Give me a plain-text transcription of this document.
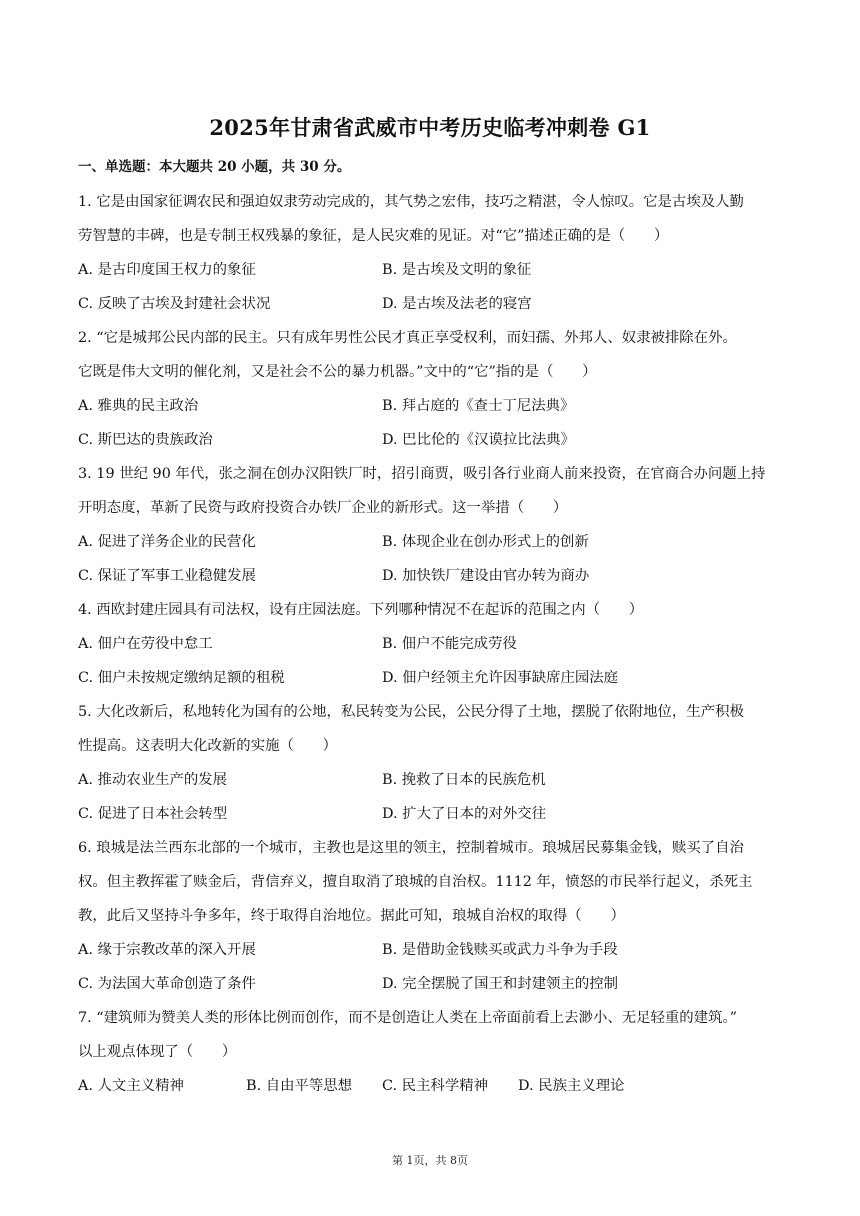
2025年甘肃省武威市中考历史临考冲刺卷 G1
一、单选题：本大题共 20 小题，共 30 分。
1. 它是由国家征调农民和强迫奴隶劳动完成的，其气势之宏伟，技巧之精湛，令人惊叹。它是古埃及人勤
劳智慧的丰碑，也是专制王权残暴的象征，是人民灾难的见证。对“它”描述正确的是（　　）
A. 是古印度国王权力的象征	B. 是古埃及文明的象征
C. 反映了古埃及封建社会状况	D. 是古埃及法老的寝宫
2. “它是城邦公民内部的民主。只有成年男性公民才真正享受权利，而妇孺、外邦人、奴隶被排除在外。
它既是伟大文明的催化剂，又是社会不公的暴力机器。”文中的“它”指的是（　　）
A. 雅典的民主政治	B. 拜占庭的《查士丁尼法典》
C. 斯巴达的贵族政治	D. 巴比伦的《汉谟拉比法典》
3. 19 世纪 90 年代，张之洞在创办汉阳铁厂时，招引商贾，吸引各行业商人前来投资，在官商合办问题上持
开明态度，革新了民资与政府投资合办铁厂企业的新形式。这一举措（　　）
A. 促进了洋务企业的民营化	B. 体现企业在创办形式上的创新
C. 保证了军事工业稳健发展	D. 加快铁厂建设由官办转为商办
4. 西欧封建庄园具有司法权，设有庄园法庭。下列哪种情况不在起诉的范围之内（　　）
A. 佃户在劳役中怠工	B. 佃户不能完成劳役
C. 佃户未按规定缴纳足额的租税	D. 佃户经领主允许因事缺席庄园法庭
5. 大化改新后，私地转化为国有的公地，私民转变为公民，公民分得了土地，摆脱了依附地位，生产积极
性提高。这表明大化改新的实施（　　）
A. 推动农业生产的发展	B. 挽救了日本的民族危机
C. 促进了日本社会转型	D. 扩大了日本的对外交往
6. 琅城是法兰西东北部的一个城市，主教也是这里的领主，控制着城市。琅城居民募集金钱，赎买了自治
权。但主教挥霍了赎金后，背信弃义，擅自取消了琅城的自治权。1112 年，愤怒的市民举行起义，杀死主
教，此后又坚持斗争多年，终于取得自治地位。据此可知，琅城自治权的取得（　　）
A. 缘于宗教改革的深入开展	B. 是借助金钱赎买或武力斗争为手段
C. 为法国大革命创造了条件	D. 完全摆脱了国王和封建领主的控制
7. “建筑师为赞美人类的形体比例而创作，而不是创造让人类在上帝面前看上去渺小、无足轻重的建筑。”
以上观点体现了（　　）
A. 人文主义精神	B. 自由平等思想 C. 民主科学精神 D. 民族主义理论
第 1页，共 8页
